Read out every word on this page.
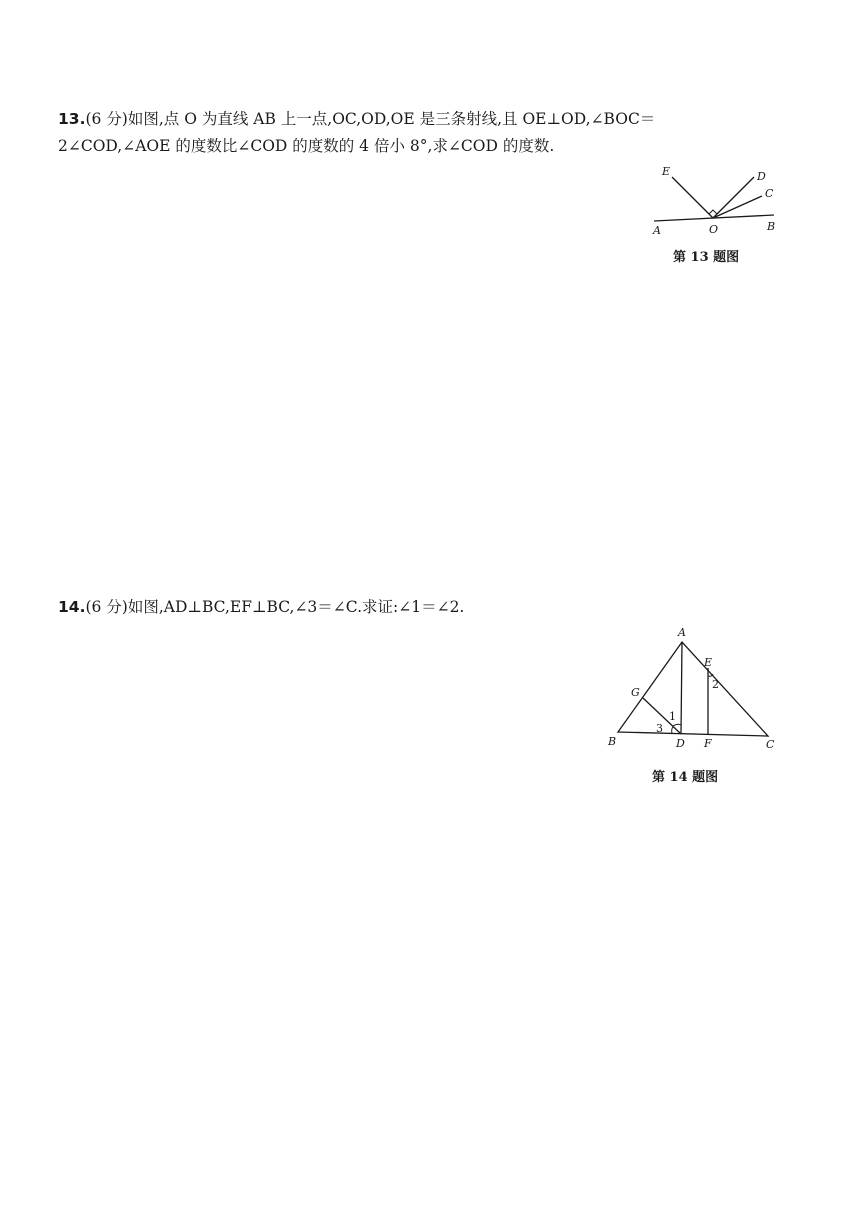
13.(6 分)如图,点 O 为直线 AB 上一点,OC,OD,OE 是三条射线,且 OE⊥OD,∠BOC＝
2∠COD,∠AOE 的度数比∠COD 的度数的 4 倍小 8°,求∠COD 的度数.
E	D
C
A	O	B
第 13 题图
14.(6 分)如图,AD⊥BC,EF⊥BC,∠3＝∠C.求证:∠1＝∠2.
A
E
G
B	D F	C
1
2
3
第 14 题图
